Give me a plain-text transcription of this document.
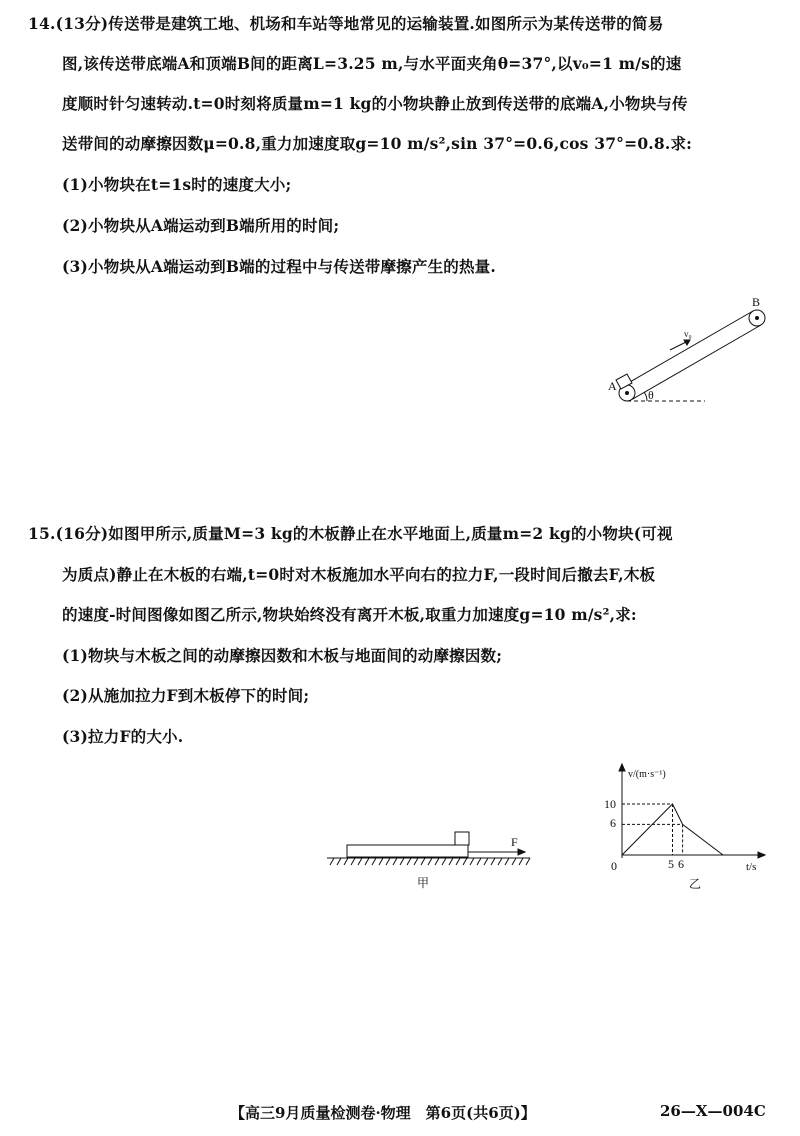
14.(13分)传送带是建筑工地、机场和车站等地常见的运输装置.如图所示为某传送带的简易
图,该传送带底端A和顶端B间的距离L=3.25 m,与水平面夹角θ=37°,以v₀=1 m/s的速
度顺时针匀速转动.t=0时刻将质量m=1 kg的小物块静止放到传送带的底端A,小物块与传
送带间的动摩擦因数μ=0.8,重力加速度取g=10 m/s²,sin 37°=0.6,cos 37°=0.8.求:
(1)小物块在t=1s时的速度大小;
(2)小物块从A端运动到B端所用的时间;
(3)小物块从A端运动到B端的过程中与传送带摩擦产生的热量.
B
A
v₀
θ
F
甲
v/(m·s⁻¹)
t/s
0
10
6
5 6
乙
15.(16分)如图甲所示,质量M=3 kg的木板静止在水平地面上,质量m=2 kg的小物块(可视
为质点)静止在木板的右端,t=0时对木板施加水平向右的拉力F,一段时间后撤去F,木板
的速度-时间图像如图乙所示,物块始终没有离开木板,取重力加速度g=10 m/s²,求:
(1)物块与木板之间的动摩擦因数和木板与地面间的动摩擦因数;
(2)从施加拉力F到木板停下的时间;
(3)拉力F的大小.
【高三9月质量检测卷·物理　第6页(共6页)】	26—X—004C
